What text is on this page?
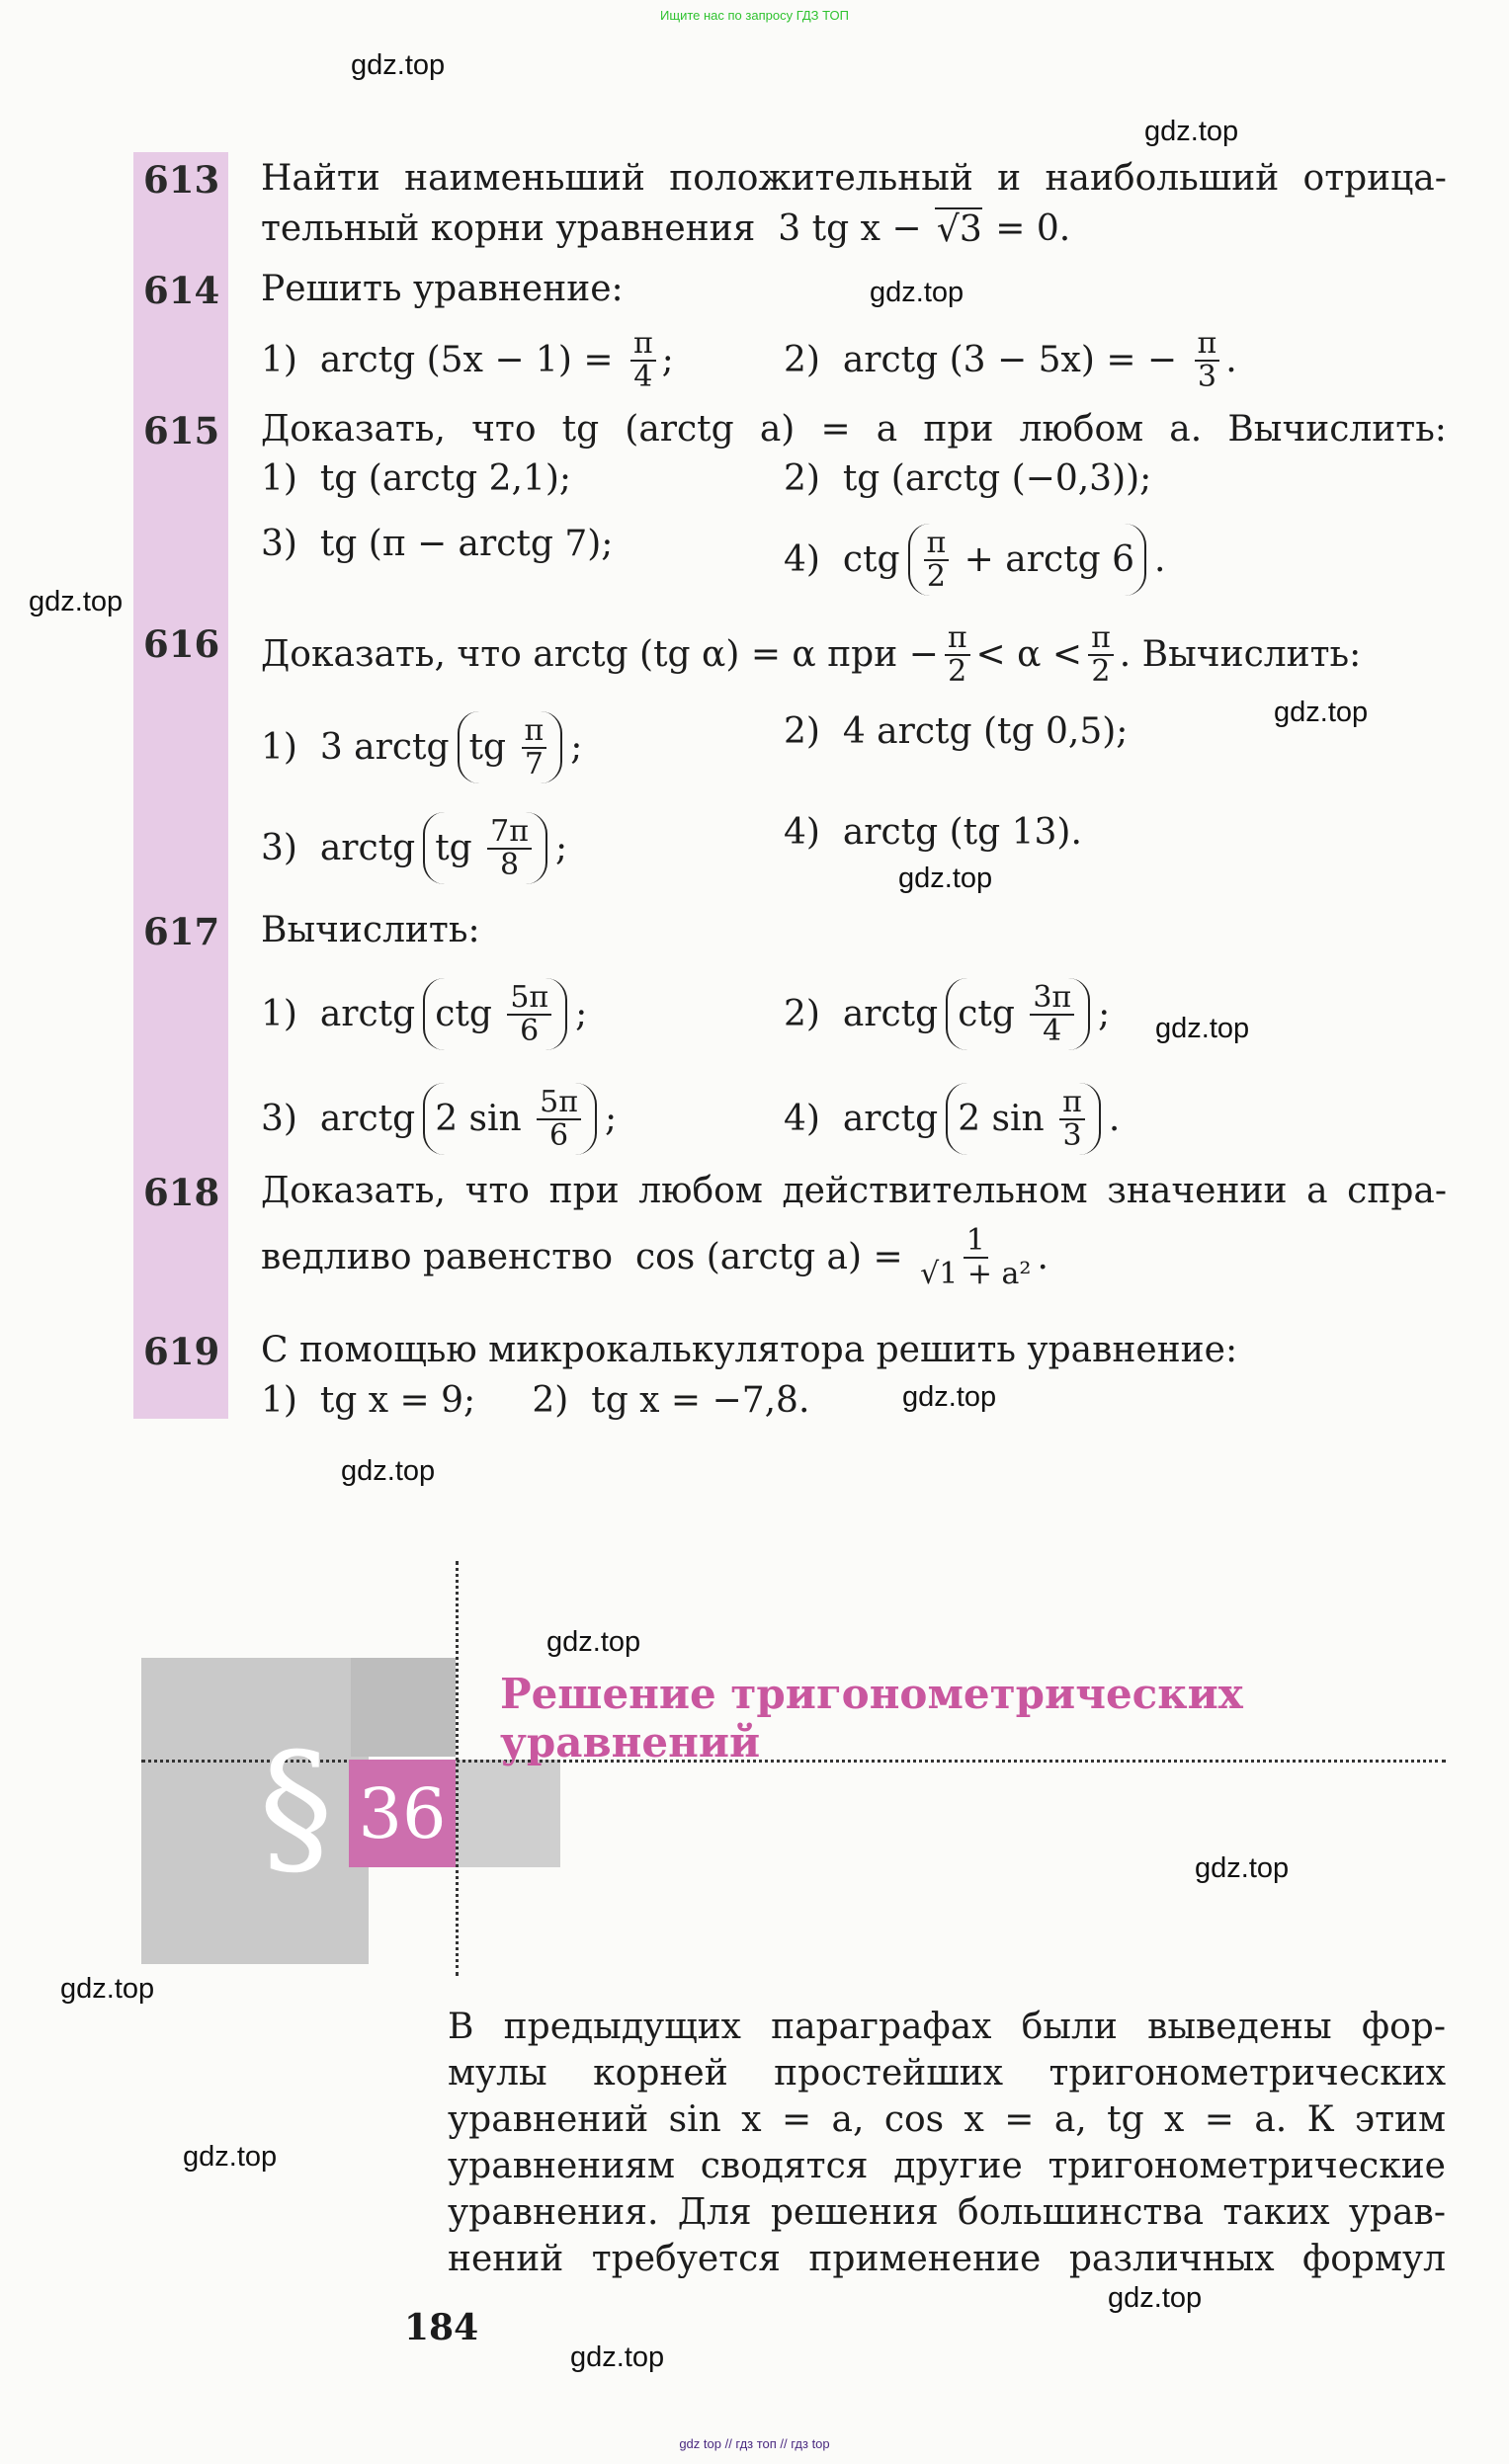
Ищите нас по запросу ГДЗ ТОП
613 Найти наименьший положительный и наибольший отрица-
тельный корни уравнения  3 tg x − √ 3 = 0.
614 Решить уравнение:
1)  arctg $(5x - 1) = \frac{\pi}{4}$ ;	2)  arctg (3 − 5x) = − $\frac{\pi}{3}$ .
615 Доказать, что tg (arctg a) = a при любом a. Вычислить:
1)  tg (arctg 2,1);	2)  tg (arctg (−0,3));
3)  tg (π − arctg 7);	4)  ctg $\frac{\pi}{2}$ + arctg 6 .
616 Доказать, что arctg (tg α) = α при − $\frac{\pi}{2} < \alpha < \frac{\pi}{2}$ . Вычислить:
1)  3 arctg tg $\frac{\pi}{7}$ ;	2)  4 arctg (tg 0,5);
3)  arctg tg $\frac{7\pi}{8}$ ;	4)  arctg (tg 13).
617 Вычислить:
1)  arctg ctg $\frac{5\pi}{6}$ ;	2)  arctg ctg $\frac{3\pi}{4}$ ;
3)  arctg 2 $\sin \frac{5\pi}{6}$ ;	4)  arctg 2 $\sin \frac{\pi}{3}$ .
618 Доказать, что при любом действительном значении a спра-
ведливо равенство  cos (arctg $a) = \frac{1}{\text{√1 + a²}}$ .
619 С помощью микрокалькулятора решить уравнение:
1)  tg x = 9;     2)  tg x = −7,8.
§ 36
Решение тригонометрических уравнений
В предыдущих параграфах были выведены фор-
мулы корней простейших тригонометрических
уравнений sin x = a, cos x = a, tg x = a. К этим
уравнениям сводятся другие тригонометрические
уравнения. Для решения большинства таких урав-
нений требуется применение различных формул
184
gdz.top
gdz.top
gdz.top
gdz.top
gdz.top
gdz.top
gdz.top
gdz.top
gdz.top
gdz.top
gdz.top
gdz.top
gdz.top
gdz.top
gdz.top
gdz top // гдз топ // гдз top
